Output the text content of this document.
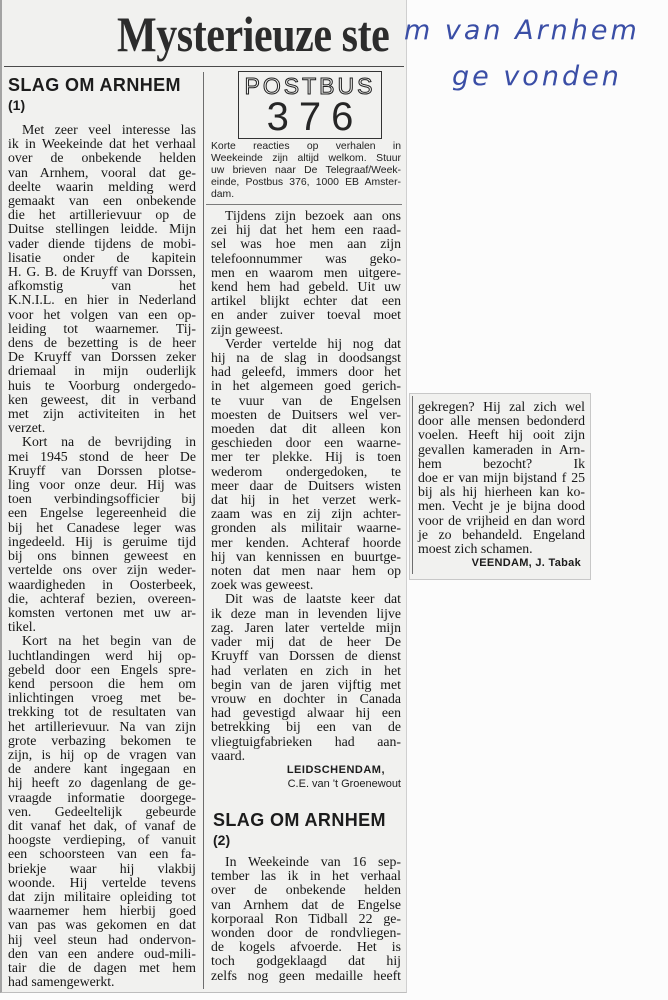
Mysterieuze ste m van Arnhem
ge vonden
SLAG OM ARNHEM
(1)
Met zeer veel interesse las
ik in Weekeinde dat het verhaal
over de onbekende helden
van Arnhem, vooral dat ge-
deelte waarin melding werd
gemaakt van een onbekende
die het artillerievuur op de
Duitse stellingen leidde. Mijn
vader diende tijdens de mobi-
lisatie onder de kapitein
H. G. B. de Kruyff van Dorssen,
afkomstig van het
K.N.I.L. en hier in Nederland
voor het volgen van een op-
leiding tot waarnemer. Tij-
dens de bezetting is de heer
De Kruyff van Dorssen zeker
driemaal in mijn ouderlijk
huis te Voorburg ondergedo-
ken geweest, dit in verband
met zijn activiteiten in het
verzet.
Kort na de bevrijding in
mei 1945 stond de heer De
Kruyff van Dorssen plotse-
ling voor onze deur. Hij was
toen verbindingsofficier bij
een Engelse legereenheid die
bij het Canadese leger was
ingedeeld. Hij is geruime tijd
bij ons binnen geweest en
vertelde ons over zijn weder-
waardigheden in Oosterbeek,
die, achteraf bezien, overeen-
komsten vertonen met uw ar-
tikel.
Kort na het begin van de
luchtlandingen werd hij op-
gebeld door een Engels spre-
kend persoon die hem om
inlichtingen vroeg met be-
trekking tot de resultaten van
het artillerievuur. Na van zijn
grote verbazing bekomen te
zijn, is hij op de vragen van
de andere kant ingegaan en
hij heeft zo dagenlang de ge-
vraagde informatie doorgege-
ven. Gedeeltelijk gebeurde
dit vanaf het dak, of vanaf de
hoogste verdieping, of vanuit
een schoorsteen van een fa-
briekje waar hij vlakbij
woonde. Hij vertelde tevens
dat zijn militaire opleiding tot
waarnemer hem hierbij goed
van pas was gekomen en dat
hij veel steun had ondervon-
den van een andere oud-mili-
tair die de dagen met hem
had samengewerkt.
POSTBUS
376
Korte reacties op verhalen in
Weekeinde zijn altijd welkom. Stuur
uw brieven naar De Telegraaf/Week-
einde, Postbus 376, 1000 EB Amster-
dam.
Tijdens zijn bezoek aan ons
zei hij dat het hem een raad-
sel was hoe men aan zijn
telefoonnummer was geko-
men en waarom men uitgere-
kend hem had gebeld. Uit uw
artikel blijkt echter dat een
en ander zuiver toeval moet
zijn geweest.
Verder vertelde hij nog dat
hij na de slag in doodsangst
had geleefd, immers door het
in het algemeen goed gerich-
te vuur van de Engelsen
moesten de Duitsers wel ver-
moeden dat dit alleen kon
geschieden door een waarne-
mer ter plekke. Hij is toen
wederom ondergedoken, te
meer daar de Duitsers wisten
dat hij in het verzet werk-
zaam was en zij zijn achter-
gronden als militair waarne-
mer kenden. Achteraf hoorde
hij van kennissen en buurtge-
noten dat men naar hem op
zoek was geweest.
Dit was de laatste keer dat
ik deze man in levenden lijve
zag. Jaren later vertelde mijn
vader mij dat de heer De
Kruyff van Dorssen de dienst
had verlaten en zich in het
begin van de jaren vijftig met
vrouw en dochter in Canada
had gevestigd alwaar hij een
betrekking bij een van de
vliegtuigfabrieken had aan-
vaard.
LEIDSCHENDAM,
C.E. van 't Groenewout
SLAG OM ARNHEM
(2)
In Weekeinde van 16 sep-
tember las ik in het verhaal
over de onbekende helden
van Arnhem dat de Engelse
korporaal Ron Tidball 22 ge-
wonden door de rondvliegen-
de kogels afvoerde. Het is
toch godgeklaagd dat hij
zelfs nog geen medaille heeft
gekregen? Hij zal zich wel
door alle mensen bedonderd
voelen. Heeft hij ooit zijn
gevallen kameraden in Arn-
hem bezocht? Ik
doe er van mijn bijstand f 25
bij als hij hierheen kan ko-
men. Vecht je je bijna dood
voor de vrijheid en dan word
je zo behandeld. Engeland
moest zich schamen.
VEENDAM, J. Tabak
